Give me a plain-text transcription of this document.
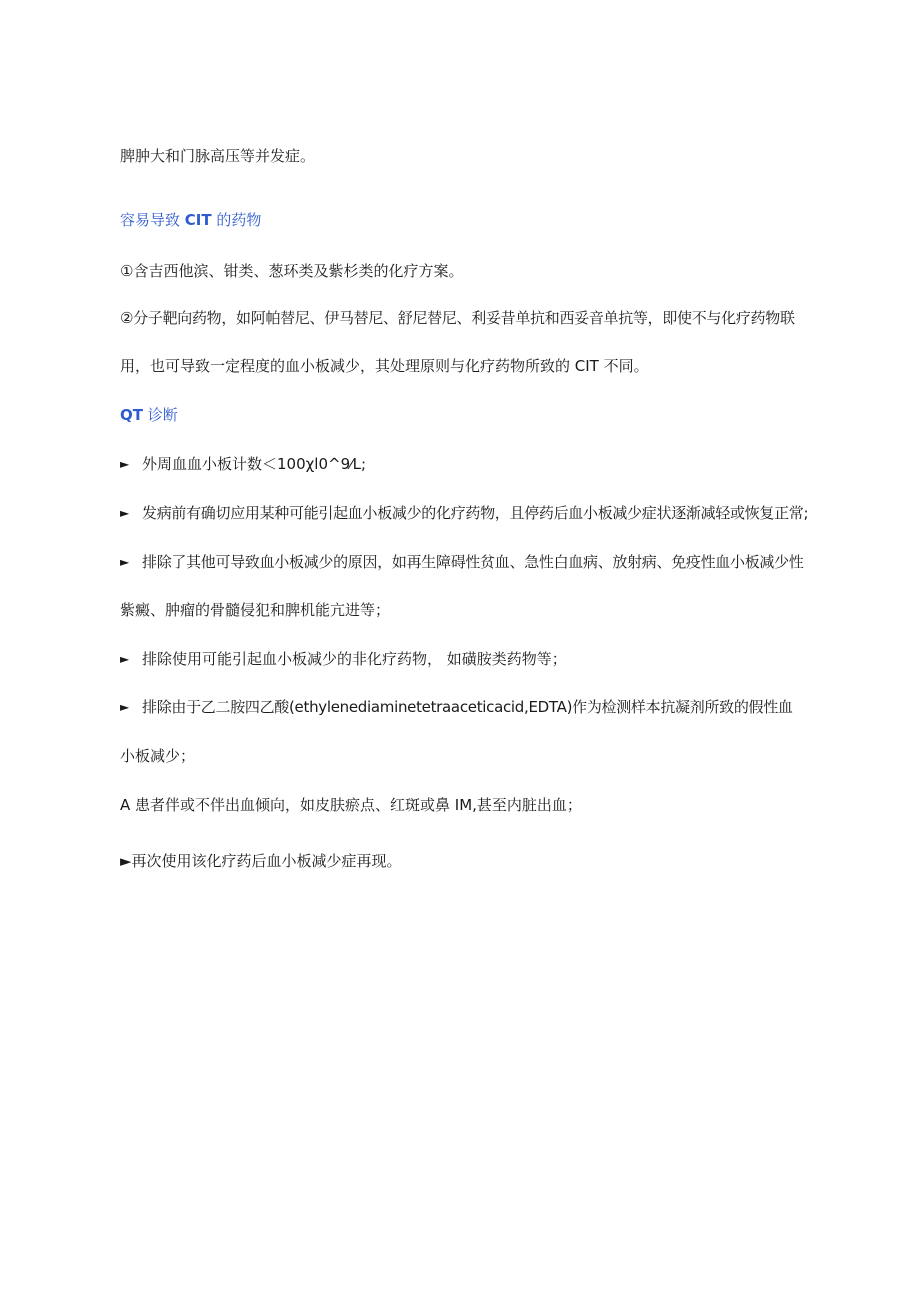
脾肿大和门脉高压等并发症。
容易导致 CIT 的药物
①含吉西他滨、钳类、葱环类及紫杉类的化疗方案。
②分子靶向药物，如阿帕替尼、伊马替尼、舒尼替尼、利妥昔单抗和西妥音单抗等，即使不与化疗药物联
用，也可导致一定程度的血小板减少，其处理原则与化疗药物所致的 CIT 不同。
QT 诊断
► 外周血血小板计数＜100χl0^9⁄L;
► 发病前有确切应用某种可能引起血小板减少的化疗药物，且停药后血小板减少症状逐渐减轻或恢复正常;
► 排除了其他可导致血小板减少的原因，如再生障碍性贫血、急性白血病、放射病、免疫性血小板减少性
紫癜、肿瘤的骨髓侵犯和脾机能亢进等；
► 排除使用可能引起血小板减少的非化疗药物， 如磺胺类药物等；
► 排除由于乙二胺四乙酸(ethylenediaminetetraaceticacid,EDTA)作为检测样本抗凝剂所致的假性血
小板减少；
A 患者伴或不伴出血倾向，如皮肤瘀点、红斑或鼻 IM,甚至内脏出血；
►再次使用该化疗药后血小板减少症再现。
